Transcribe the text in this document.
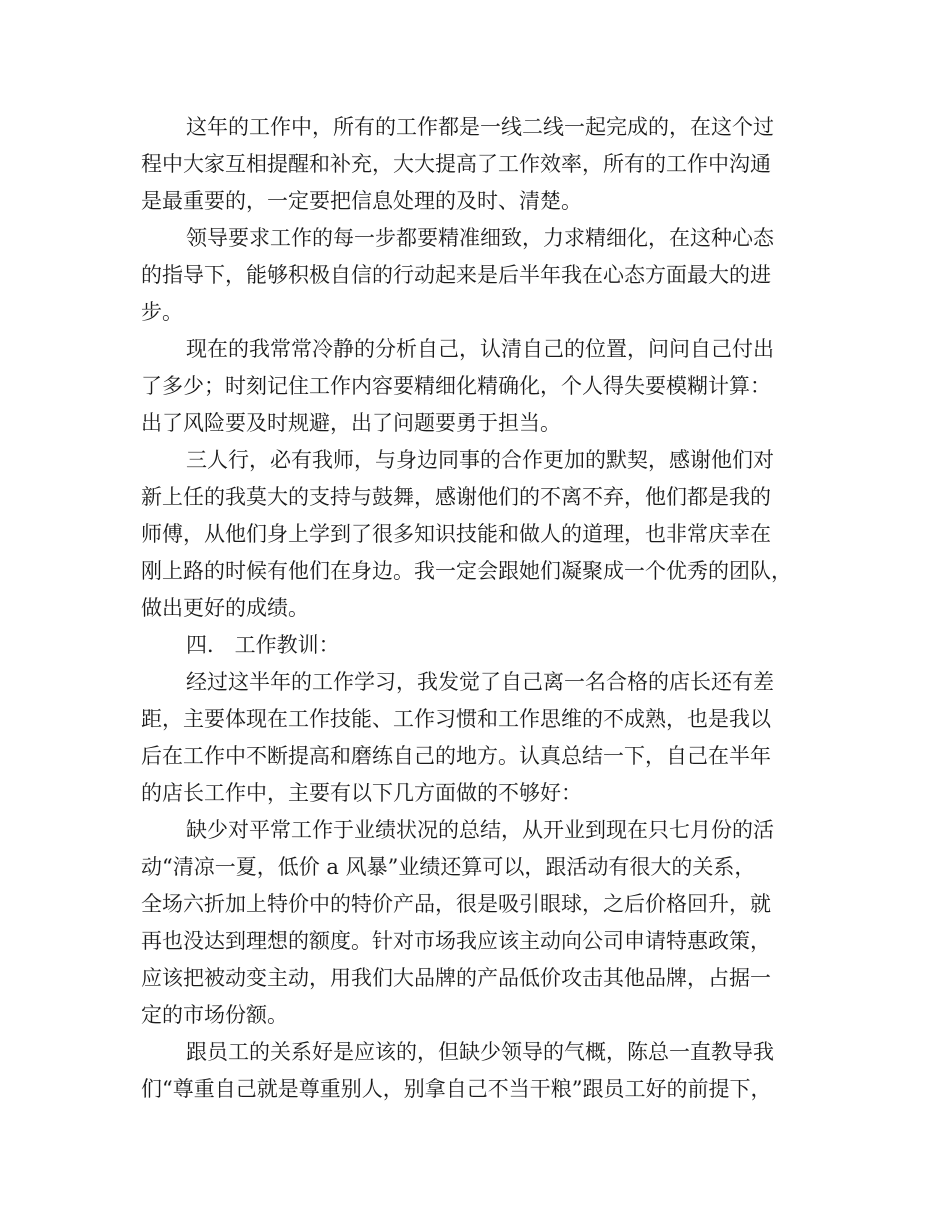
这年的工作中，所有的工作都是一线二线一起完成的，在这个过
程中大家互相提醒和补充，大大提高了工作效率，所有的工作中沟通
是最重要的，一定要把信息处理的及时、清楚。
领导要求工作的每一步都要精准细致，力求精细化，在这种心态
的指导下，能够积极自信的行动起来是后半年我在心态方面最大的进
步。
现在的我常常冷静的分析自己，认清自己的位置，问问自己付出
了多少；时刻记住工作内容要精细化精确化，个人得失要模糊计算：
出了风险要及时规避，出了问题要勇于担当。
三人行，必有我师，与身边同事的合作更加的默契，感谢他们对
新上任的我莫大的支持与鼓舞，感谢他们的不离不弃，他们都是我的
师傅，从他们身上学到了很多知识技能和做人的道理，也非常庆幸在
刚上路的时候有他们在身边。我一定会跟她们凝聚成一个优秀的团队，
做出更好的成绩。
四． 工作教训：
经过这半年的工作学习，我发觉了自己离一名合格的店长还有差
距，主要体现在工作技能、工作习惯和工作思维的不成熟，也是我以
后在工作中不断提高和磨练自己的地方。认真总结一下，自己在半年
的店长工作中，主要有以下几方面做的不够好：
缺少对平常工作于业绩状况的总结，从开业到现在只七月份的活
动“清凉一夏，低价 a 风暴”业绩还算可以，跟活动有很大的关系，
全场六折加上特价中的特价产品，很是吸引眼球，之后价格回升，就
再也没达到理想的额度。针对市场我应该主动向公司申请特惠政策，
应该把被动变主动，用我们大品牌的产品低价攻击其他品牌，占据一
定的市场份额。
跟员工的关系好是应该的，但缺少领导的气概，陈总一直教导我
们“尊重自己就是尊重别人，别拿自己不当干粮”跟员工好的前提下，
